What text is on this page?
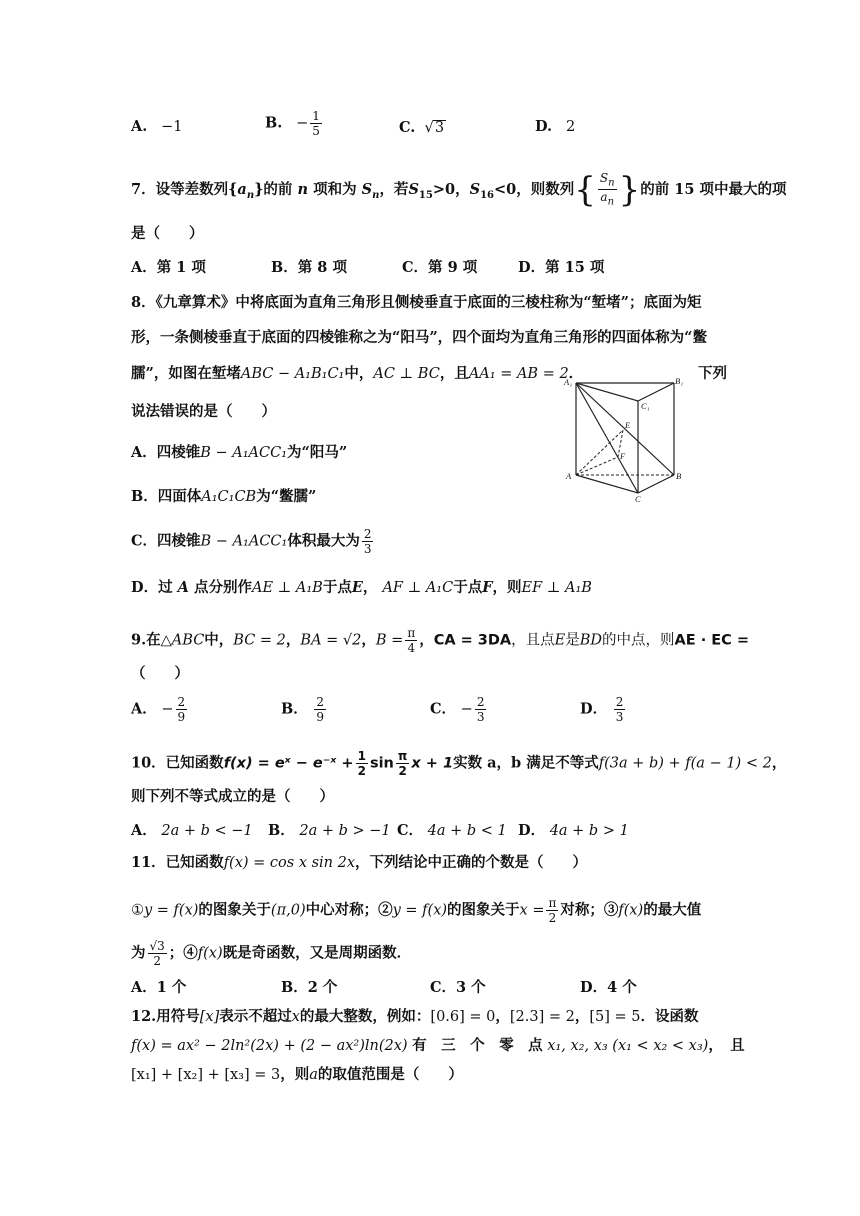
A. −1	B. − $\frac{1}{5}$	C.  √3	D. 2
7．设等差数列$\{a_n\}$的前 n 项和为 $S_n$，若$S_{15}>0$，$S_{16}<0$，则数列{ $\frac{S_n}{a_n}$ }的前 15 项中最大的项
是（　　）
A．第 1 项	B．第 8 项	C．第 9 项	D．第 15 项
8．《九章算术》中将底面为直角三角形且侧棱垂直于底面的三棱柱称为“堑堵”；底面为矩
形，一条侧棱垂直于底面的四棱锥称之为“阳马”，四个面均为直角三角形的四面体称为“鳖
臑”，如图在堑堵ABC − A₁B₁C₁中，AC ⊥ BC，且AA₁ = AB = 2．	下列
说法错误的是（　　）
A．四棱锥B − A₁ACC₁为“阳马”
B．四面体A₁C₁CB为“鳖臑”
C．四棱锥B − A₁ACC₁体积最大为 $\frac{2}{3}$
D．过 A 点分别作AE ⊥ A₁B于点E， AF ⊥ A₁C于点F，则EF ⊥ A₁B
A₁	B₁
C₁
E
F
A	B
C
9.在△ABC中，BC = 2，BA = √2，$B = \frac{\pi}{4}$ ，CA = 3DA，且点E是BD的中点，则AE · EC =
（　　）
A． − $\frac{2}{9}$	B． $\frac{2}{9}$	C． − $\frac{2}{3}$	D． $\frac{2}{3}$
10．已知函数f(x) = eˣ − e⁻ˣ + $\frac{1}{2}$ $\sin \frac{\pi}{2}$ x + 1实数 a，b 满足不等式f(3a + b) + f(a − 1) < 2，
则下列不等式成立的是（　　）
A． 2a + b < −1 B． 2a + b > −1 C． 4a + b < 1 D． 4a + b > 1
11．已知函数f(x) = cos x sin 2x，下列结论中正确的个数是（　　）
①y = f(x)的图象关于(π,0)中心对称；②y = f(x)的图象关于$x = \frac{\pi}{2}$ 对称；③f(x)的最大值
为 $\frac{√3}{2}$ ；④f(x)既是奇函数，又是周期函数．
A．1 个	B．2 个	C．3 个	D．4 个
12.用符号[x]表示不超过x的最大整数，例如：[0.6] = 0，[2.3] = 2，[5] = 5．设函数
f(x) = ax² − 2ln²(2x) + (2 − ax²)ln(2x) 有　三　个　零　点 x₁, x₂, x₃ (x₁ < x₂ < x₃)，　且
[x₁] + [x₂] + [x₃] = 3，则a的取值范围是（　　）
